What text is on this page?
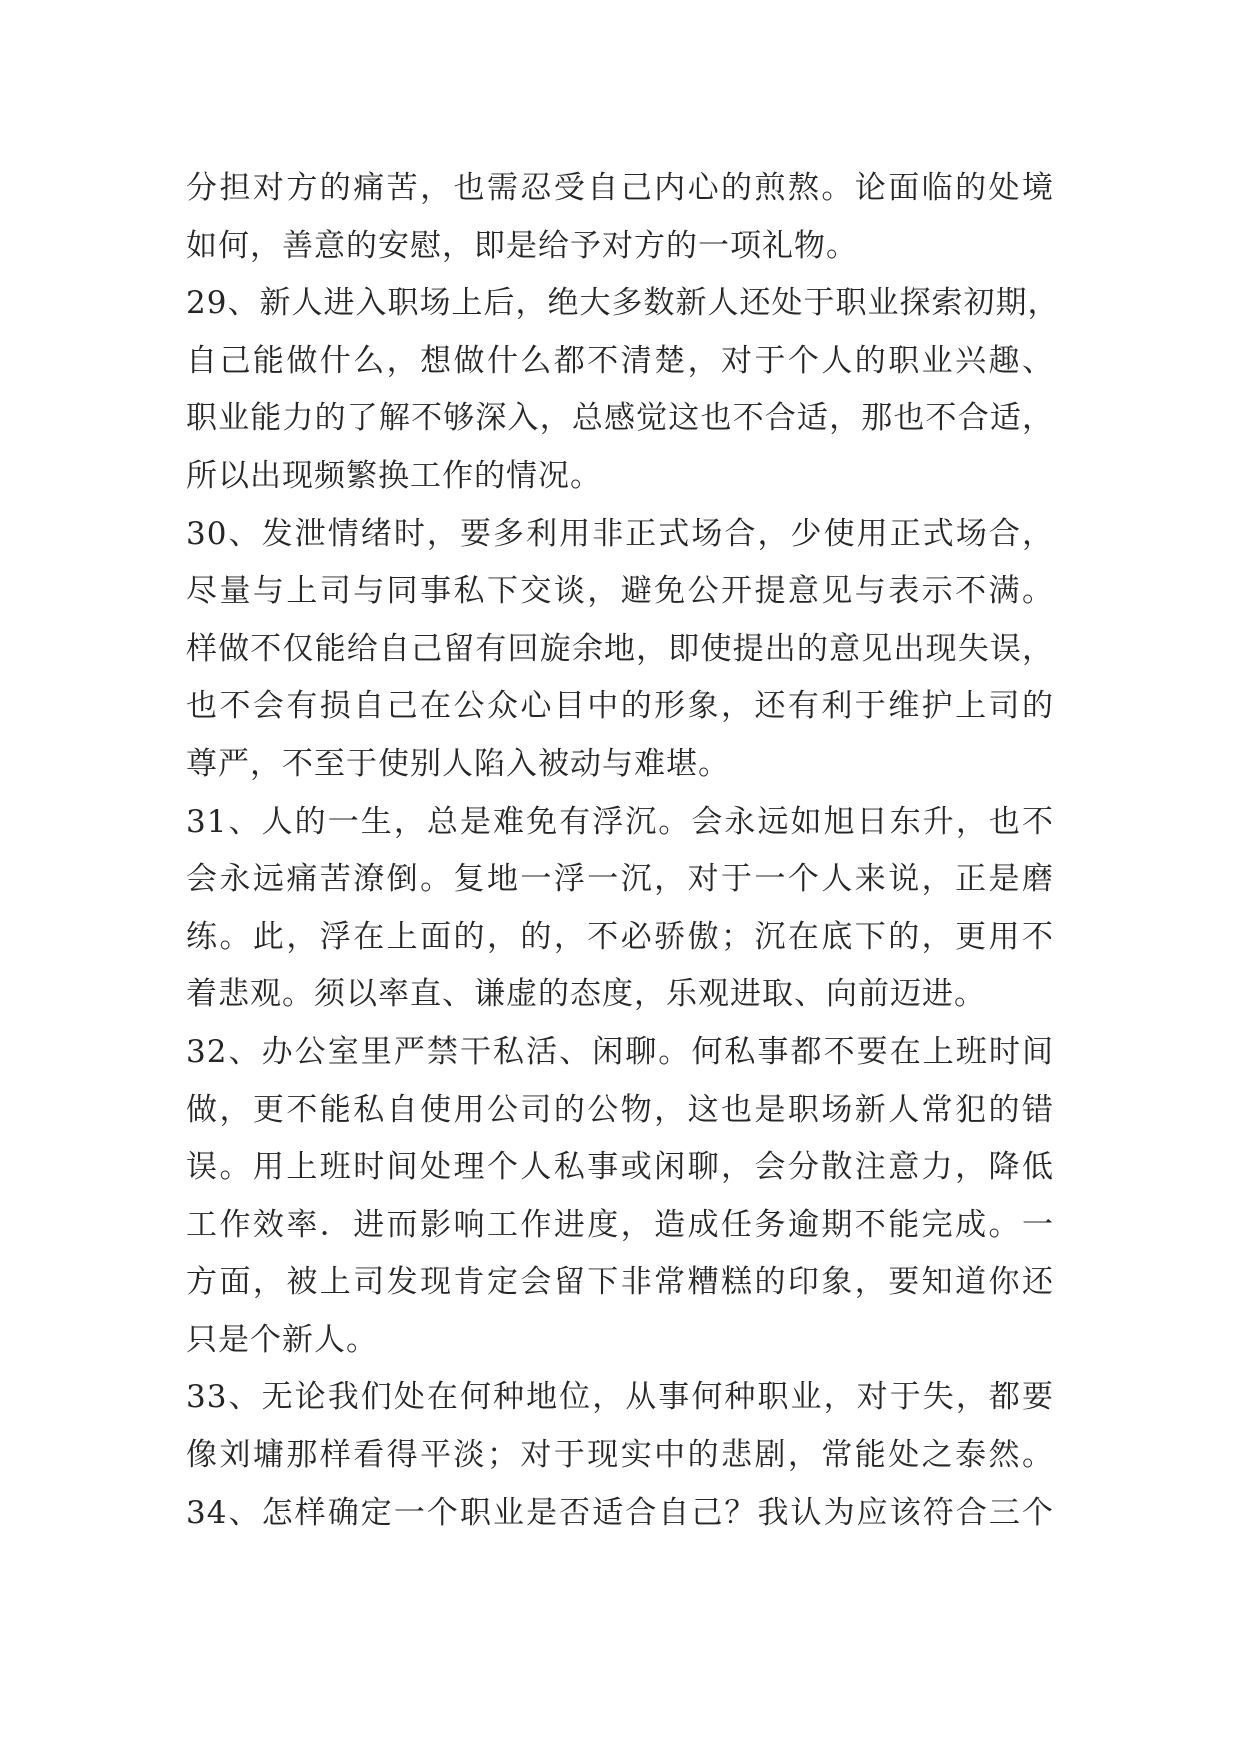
分担对方的痛苦，也需忍受自己内心的煎熬。论面临的处境
如何，善意的安慰，即是给予对方的一项礼物。
29、新人进入职场上后，绝大多数新人还处于职业探索初期，
自己能做什么，想做什么都不清楚，对于个人的职业兴趣、
职业能力的了解不够深入，总感觉这也不合适，那也不合适，
所以出现频繁换工作的情况。
30、发泄情绪时，要多利用非正式场合，少使用正式场合，
尽量与上司与同事私下交谈，避免公开提意见与表示不满。
样做不仅能给自己留有回旋余地，即使提出的意见出现失误，
也不会有损自己在公众心目中的形象，还有利于维护上司的
尊严，不至于使别人陷入被动与难堪。
31、人的一生，总是难免有浮沉。会永远如旭日东升，也不
会永远痛苦潦倒。复地一浮一沉，对于一个人来说，正是磨
练。此，浮在上面的，的，不必骄傲；沉在底下的，更用不
着悲观。须以率直、谦虚的态度，乐观进取、向前迈进。
32、办公室里严禁干私活、闲聊。何私事都不要在上班时间
做，更不能私自使用公司的公物，这也是职场新人常犯的错
误。用上班时间处理个人私事或闲聊，会分散注意力，降低
工作效率．进而影响工作进度，造成任务逾期不能完成。一
方面，被上司发现肯定会留下非常糟糕的印象，要知道你还
只是个新人。
33、无论我们处在何种地位，从事何种职业，对于失，都要
像刘墉那样看得平淡；对于现实中的悲剧，常能处之泰然。
34、怎样确定一个职业是否适合自己？我认为应该符合三个
